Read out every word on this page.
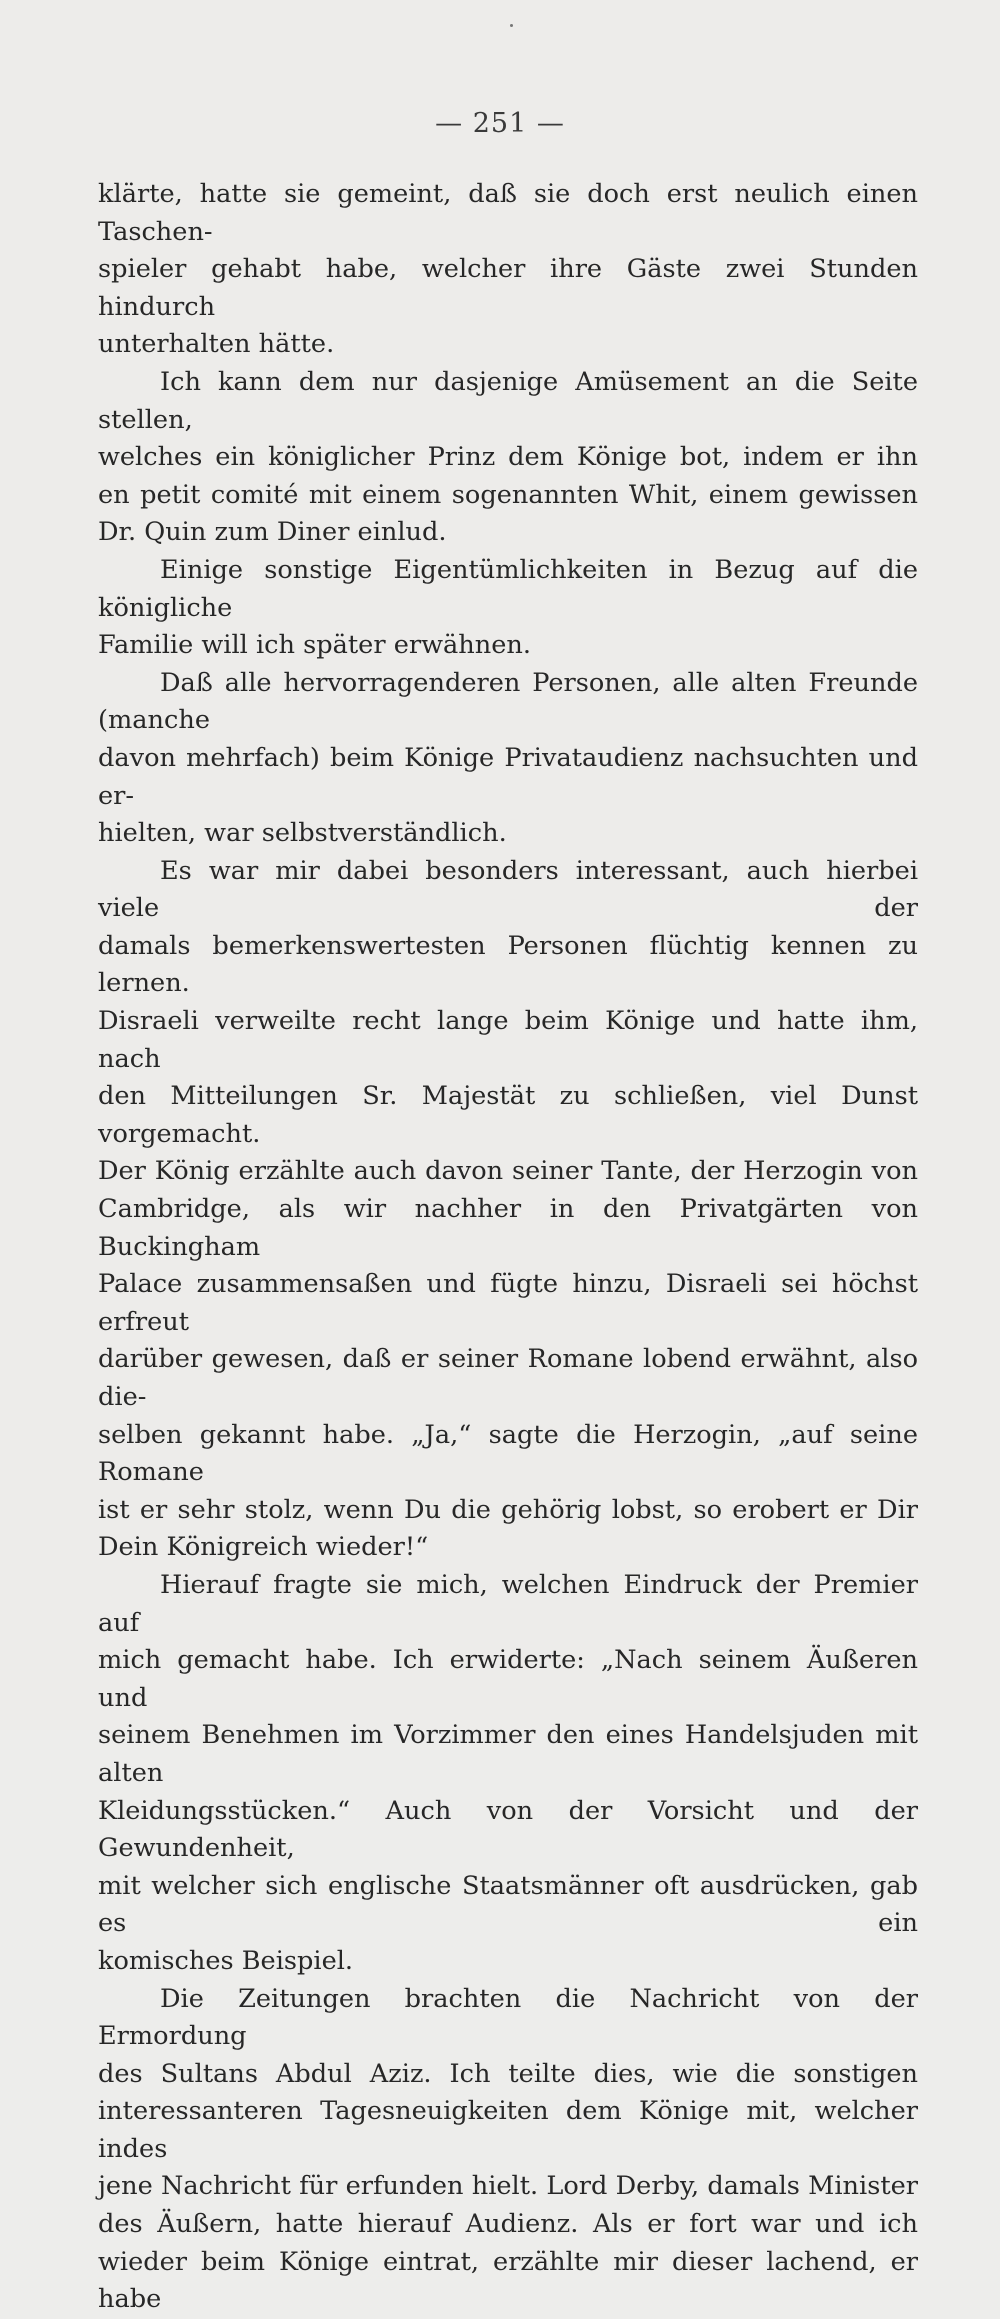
— 251 —

klärte, hatte sie gemeint, daß sie doch erst neulich einen Taschen-

spieler gehabt habe, welcher ihre Gäste zwei Stunden hindurch

unterhalten hätte.

Ich kann dem nur dasjenige Amüsement an die Seite stellen,

welches ein königlicher Prinz dem Könige bot, indem er ihn

en petit comité mit einem sogenannten Whit, einem gewissen

Dr. Quin zum Diner einlud.

Einige sonstige Eigentümlichkeiten in Bezug auf die königliche

Familie will ich später erwähnen.

Daß alle hervorragenderen Personen, alle alten Freunde (manche

davon mehrfach) beim Könige Privataudienz nachsuchten und er-

hielten, war selbstverständlich.

Es war mir dabei besonders interessant, auch hierbei viele der

damals bemerkenswertesten Personen flüchtig kennen zu lernen.

Disraeli verweilte recht lange beim Könige und hatte ihm, nach

den Mitteilungen Sr. Majestät zu schließen, viel Dunst vorgemacht.

Der König erzählte auch davon seiner Tante, der Herzogin von

Cambridge, als wir nachher in den Privatgärten von Buckingham

Palace zusammensaßen und fügte hinzu, Disraeli sei höchst erfreut

darüber gewesen, daß er seiner Romane lobend erwähnt, also die-

selben gekannt habe. „Ja,“ sagte die Herzogin, „auf seine Romane

ist er sehr stolz, wenn Du die gehörig lobst, so erobert er Dir

Dein Königreich wieder!“

Hierauf fragte sie mich, welchen Eindruck der Premier auf

mich gemacht habe. Ich erwiderte: „Nach seinem Äußeren und

seinem Benehmen im Vorzimmer den eines Handelsjuden mit alten

Kleidungsstücken.“ Auch von der Vorsicht und der Gewundenheit,

mit welcher sich englische Staatsmänner oft ausdrücken, gab es ein

komisches Beispiel.

Die Zeitungen brachten die Nachricht von der Ermordung

des Sultans Abdul Aziz. Ich teilte dies, wie die sonstigen

interessanteren Tagesneuigkeiten dem Könige mit, welcher indes

jene Nachricht für erfunden hielt. Lord Derby, damals Minister

des Äußern, hatte hierauf Audienz. Als er fort war und ich

wieder beim Könige eintrat, erzählte mir dieser lachend, er habe
